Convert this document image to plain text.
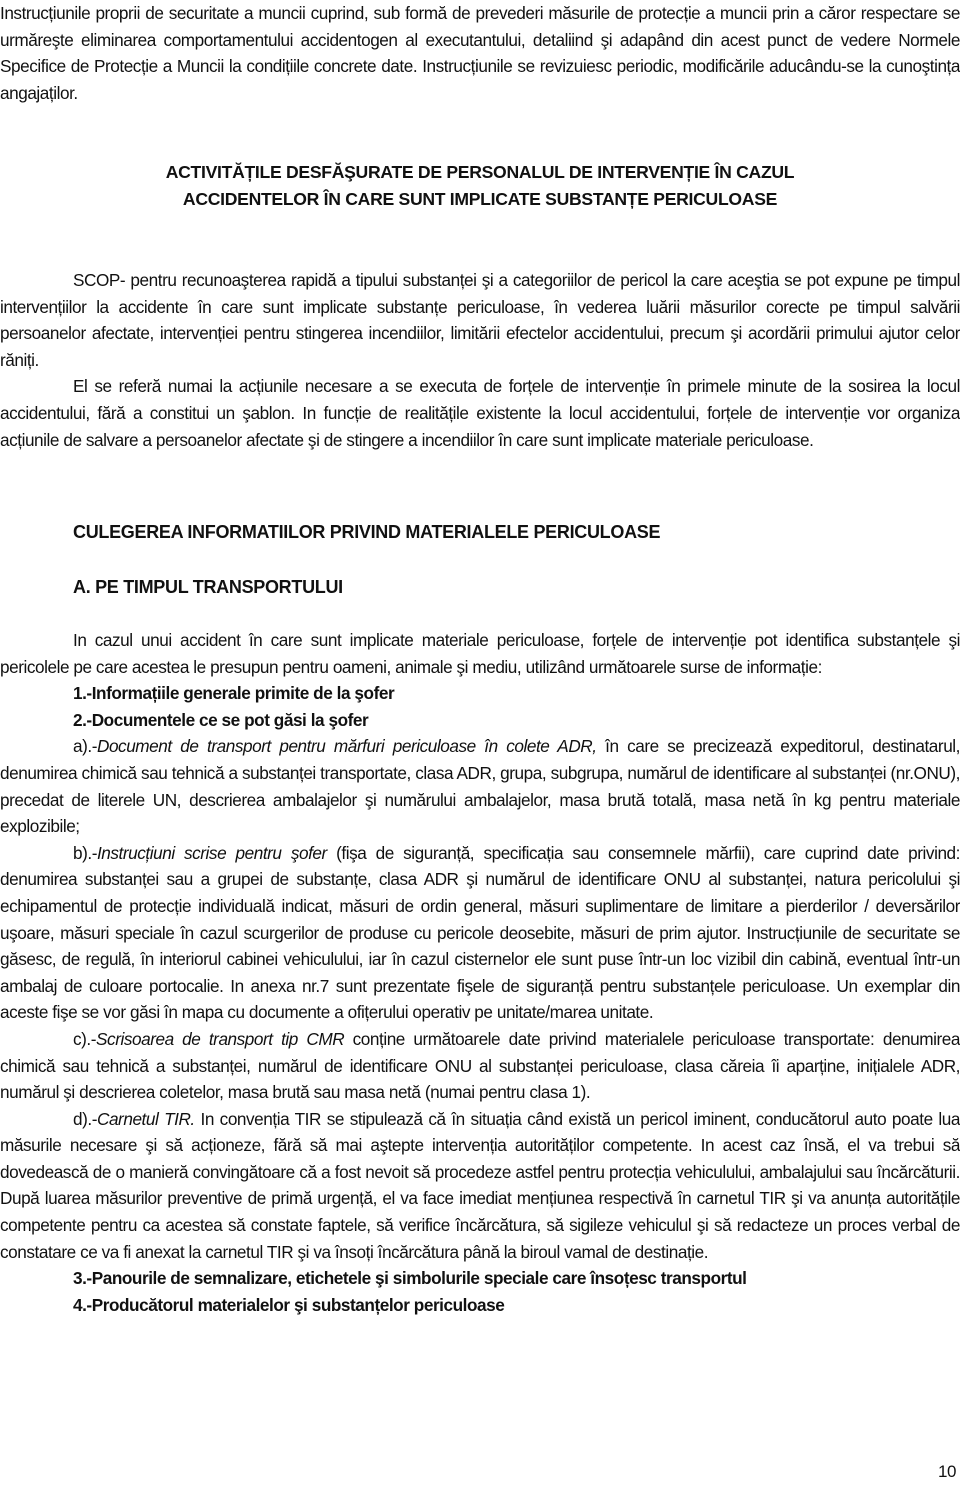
Instrucțiunile proprii de securitate a muncii cuprind, sub formă de prevederi măsurile de protecție a muncii prin a căror respectare se urmăreşte eliminarea comportamentului accidentogen al executantului, detaliind şi adapând din acest punct de vedere Normele Specifice de Protecție a Muncii la condițiile concrete date. Instrucțiunile se revizuiesc periodic, modificările aducându-se la cunoştința angajaților.

ACTIVITĂȚILE DESFĂŞURATE DE PERSONALUL DE INTERVENȚIE ÎN CAZUL

ACCIDENTELOR ÎN CARE SUNT IMPLICATE SUBSTANȚE PERICULOASE

SCOP- pentru recunoaşterea rapidă a tipului substanței şi a categoriilor de pericol la care aceştia se pot expune pe timpul intervențiilor la accidente în care sunt implicate substanțe periculoase, în vederea luării măsurilor corecte pe timpul salvării persoanelor afectate, intervenției pentru stingerea incendiilor, limitării efectelor accidentului, precum şi acordării primului ajutor celor răniți.

El se referă numai la acțiunile necesare a se executa de forțele de intervenție în primele minute de la sosirea la locul accidentului, fără a constitui un şablon. In funcție de realitățile existente la locul accidentului, forțele de intervenție vor organiza acțiunile de salvare a persoanelor afectate şi de stingere a incendiilor în care sunt implicate materiale periculoase.

CULEGEREA INFORMATIILOR PRIVIND MATERIALELE PERICULOASE

A. PE TIMPUL TRANSPORTULUI

In cazul unui accident în care sunt implicate materiale periculoase, forțele de intervenție pot identifica substanțele şi pericolele pe care acestea le presupun pentru oameni, animale şi mediu, utilizând următoarele surse de informație:

1.-Informațiile generale primite de la şofer

2.-Documentele ce se pot găsi la şofer

a).-Document de transport pentru mărfuri periculoase în colete ADR, în care se precizează expeditorul, destinatarul, denumirea chimică sau tehnică a substanței transportate, clasa ADR, grupa, subgrupa, numărul de identificare al substanței (nr.ONU), precedat de literele UN, descrierea ambalajelor şi numărului ambalajelor, masa brută totală, masa netă în kg pentru materiale explozibile;

b).-Instrucțiuni scrise pentru şofer (fişa de siguranță, specificația sau consemnele mărfii), care cuprind date privind: denumirea substanței sau a grupei de substanțe, clasa ADR şi numărul de identificare ONU al substanței, natura pericolului şi echipamentul de protecție individuală indicat, măsuri de ordin general, măsuri suplimentare de limitare a pierderilor / deversărilor uşoare, măsuri speciale în cazul scurgerilor de produse cu pericole deosebite, măsuri de prim ajutor. Instrucțiunile de securitate se găsesc, de regulă, în interiorul cabinei vehiculului, iar în cazul cisternelor ele sunt puse într-un loc vizibil din cabină, eventual într-un ambalaj de culoare portocalie. In anexa nr.7 sunt prezentate fişele de siguranță pentru substanțele periculoase. Un exemplar din aceste fişe se vor găsi în mapa cu documente a ofițerului operativ pe unitate/marea unitate.

c).-Scrisoarea de transport tip CMR conține următoarele date privind materialele periculoase transportate: denumirea chimică sau tehnică a substanței, numărul de identificare ONU al substanței periculoase, clasa căreia îi aparține, inițialele ADR, numărul şi descrierea coletelor, masa brută sau masa netă (numai pentru clasa 1).

d).-Carnetul TIR. In convenția TIR se stipulează că în situația când există un pericol iminent, conducătorul auto poate lua măsurile necesare şi să acționeze, fără să mai aştepte intervenția autorităților competente. In acest caz însă, el va trebui să dovedească de o manieră convingătoare că a fost nevoit să procedeze astfel pentru protecția vehiculului, ambalajului sau încărcăturii. După luarea măsurilor preventive de primă urgență, el va face imediat mențiunea respectivă în carnetul TIR şi va anunța autoritățile competente pentru ca acestea să constate faptele, să verifice încărcătura, să sigileze vehiculul şi să redacteze un proces verbal de constatare ce va fi anexat la carnetul TIR şi va însoți încărcătura până la biroul vamal de destinație.

3.-Panourile de semnalizare, etichetele şi simbolurile speciale care însoțesc transportul

4.-Producătorul materialelor şi substanțelor periculoase

10
